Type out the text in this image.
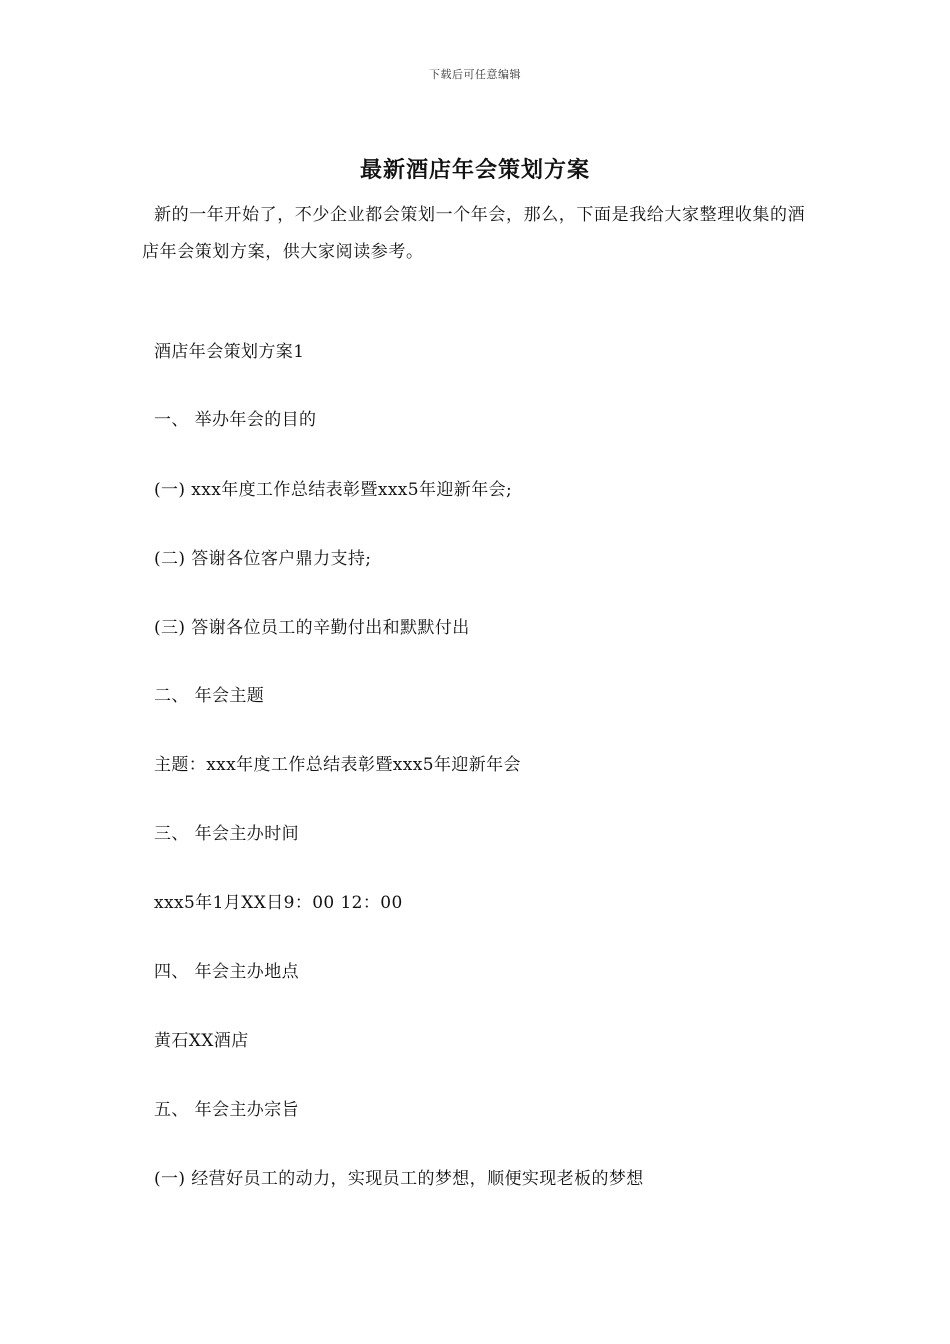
下载后可任意编辑
最新酒店年会策划方案

新的一年开始了，不少企业都会策划一个年会，那么，下面是我给大家整理收集的酒店年会策划方案，供大家阅读参考。

酒店年会策划方案1
一、 举办年会的目的
(一) xxx年度工作总结表彰暨xxx5年迎新年会;
(二) 答谢各位客户鼎力支持;
(三) 答谢各位员工的辛勤付出和默默付出
二、 年会主题
主题：xxx年度工作总结表彰暨xxx5年迎新年会
三、 年会主办时间
xxx5年1月XX日9：00 12：00
四、 年会主办地点
黄石XX酒店
五、 年会主办宗旨
(一) 经营好员工的动力，实现员工的梦想，顺便实现老板的梦想
